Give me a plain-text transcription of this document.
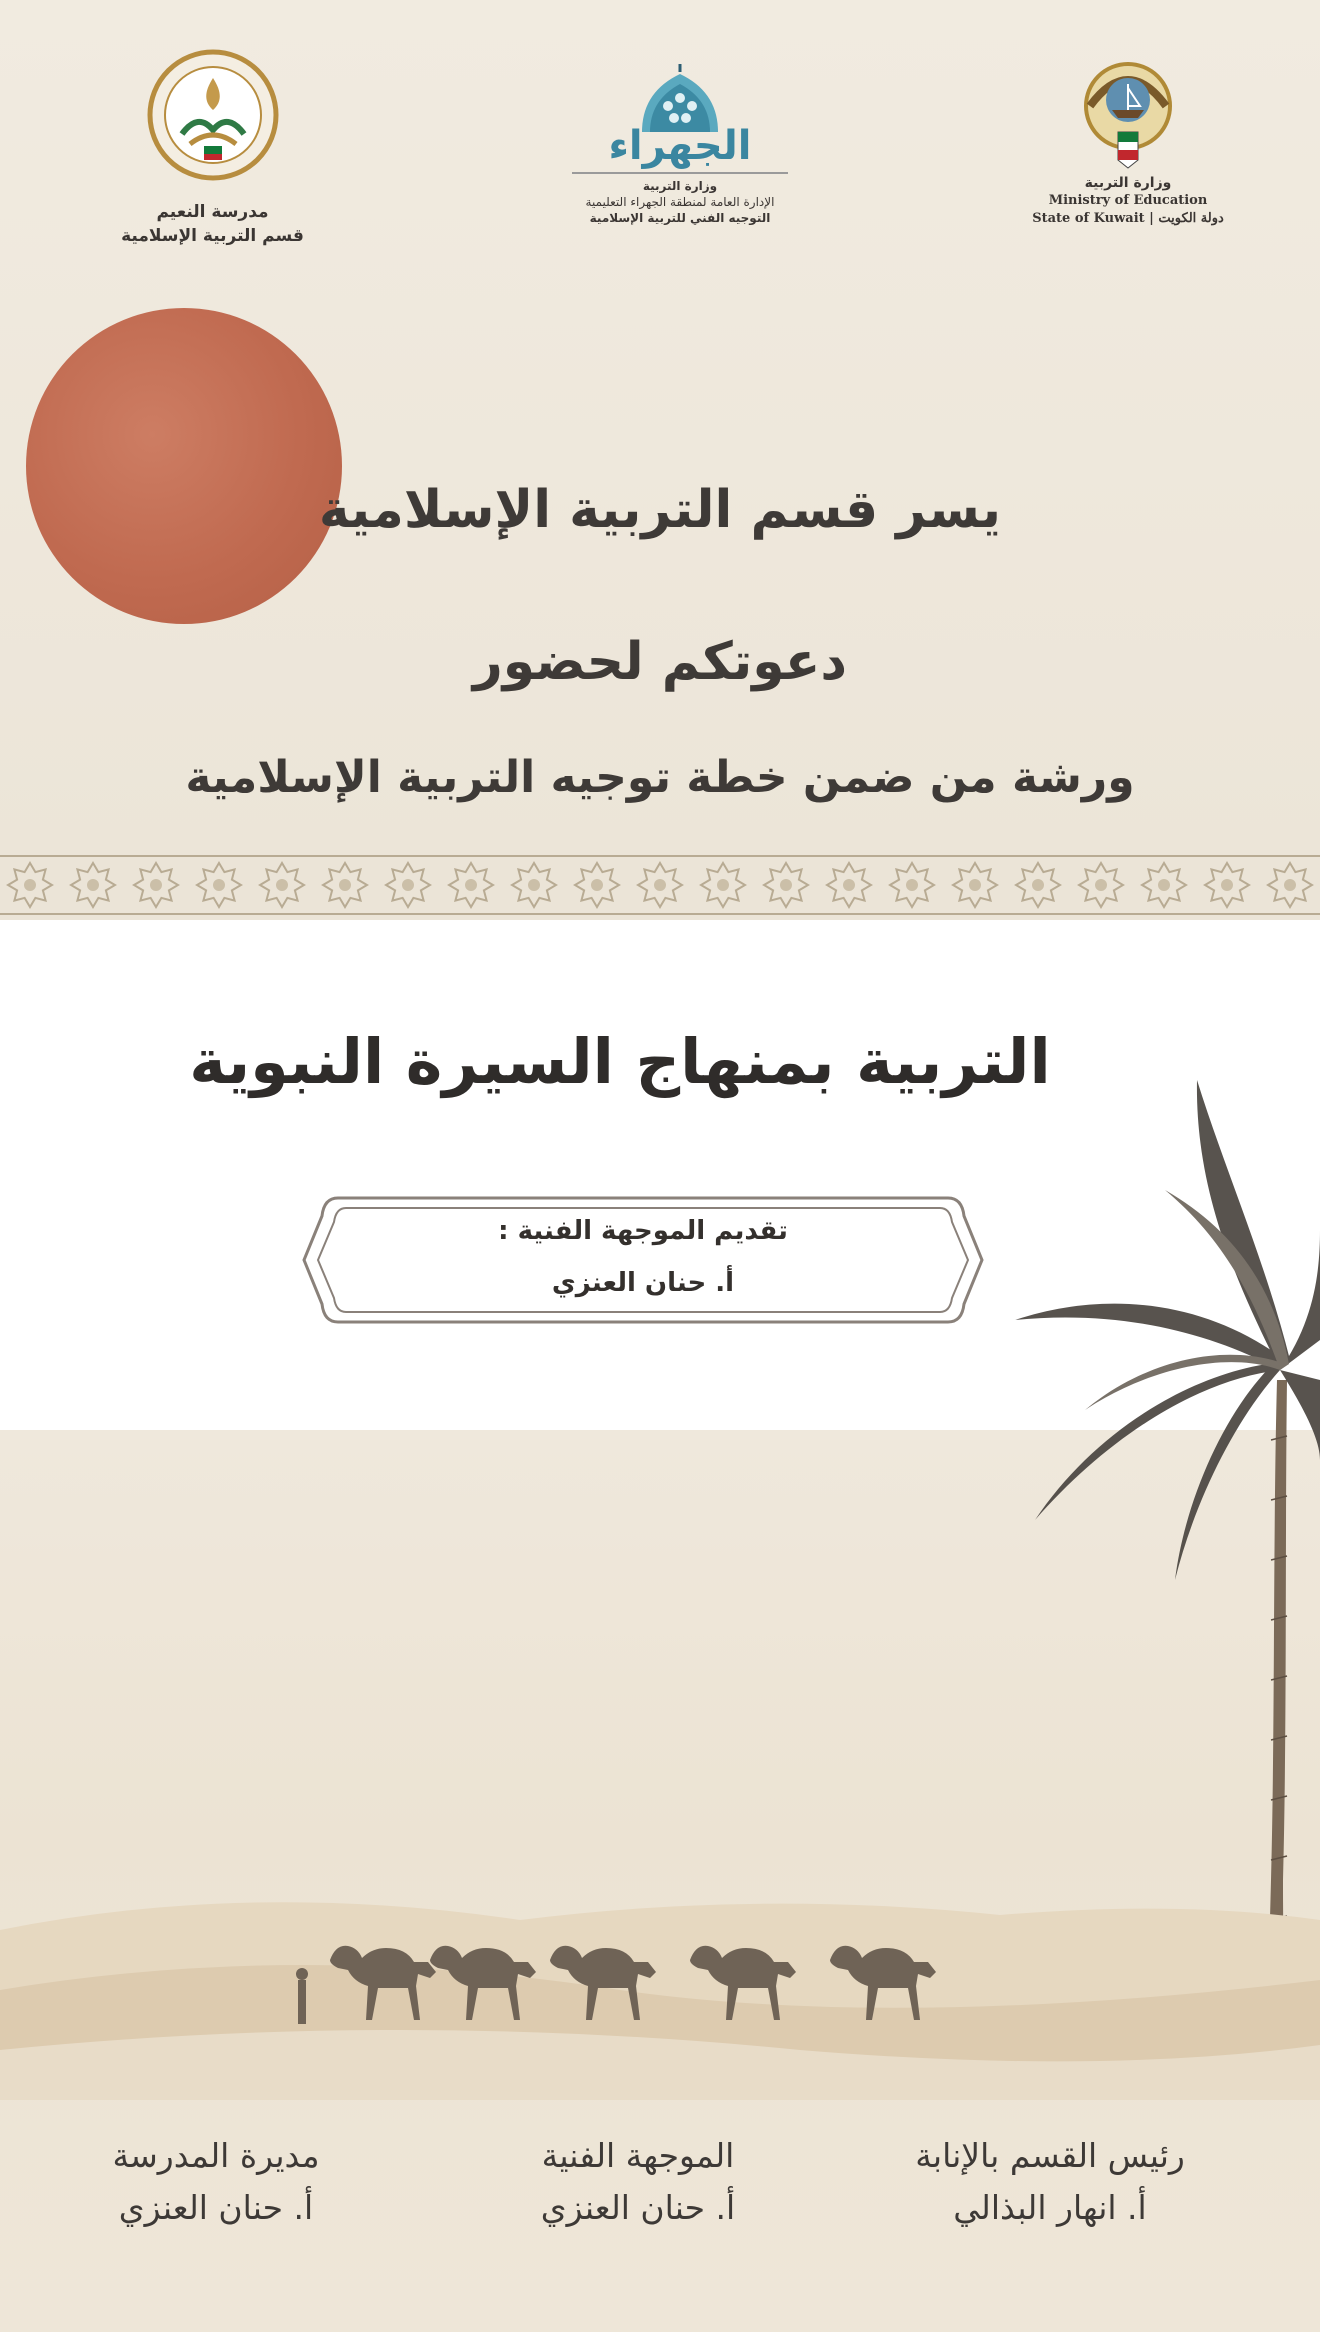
وزارة التربية
Ministry of Education
State of Kuwait | دولة الكويت
الجهراء
وزارة التربية
الإدارة العامة لمنطقة الجهراء التعليمية
التوجيه الفني للتربية الإسلامية
مدرسة النعيم
قسم التربية الإسلامية
يسر قسم التربية الإسلامية
دعوتكم لحضور
ورشة من ضمن خطة توجيه التربية الإسلامية
التربية بمنهاج السيرة النبوية
تقديم الموجهة الفنية :
أ. حنان العنزي
رئيس القسم بالإنابة
أ. انهار البذالي
الموجهة الفنية
أ. حنان العنزي
مديرة المدرسة
أ. حنان العنزي
